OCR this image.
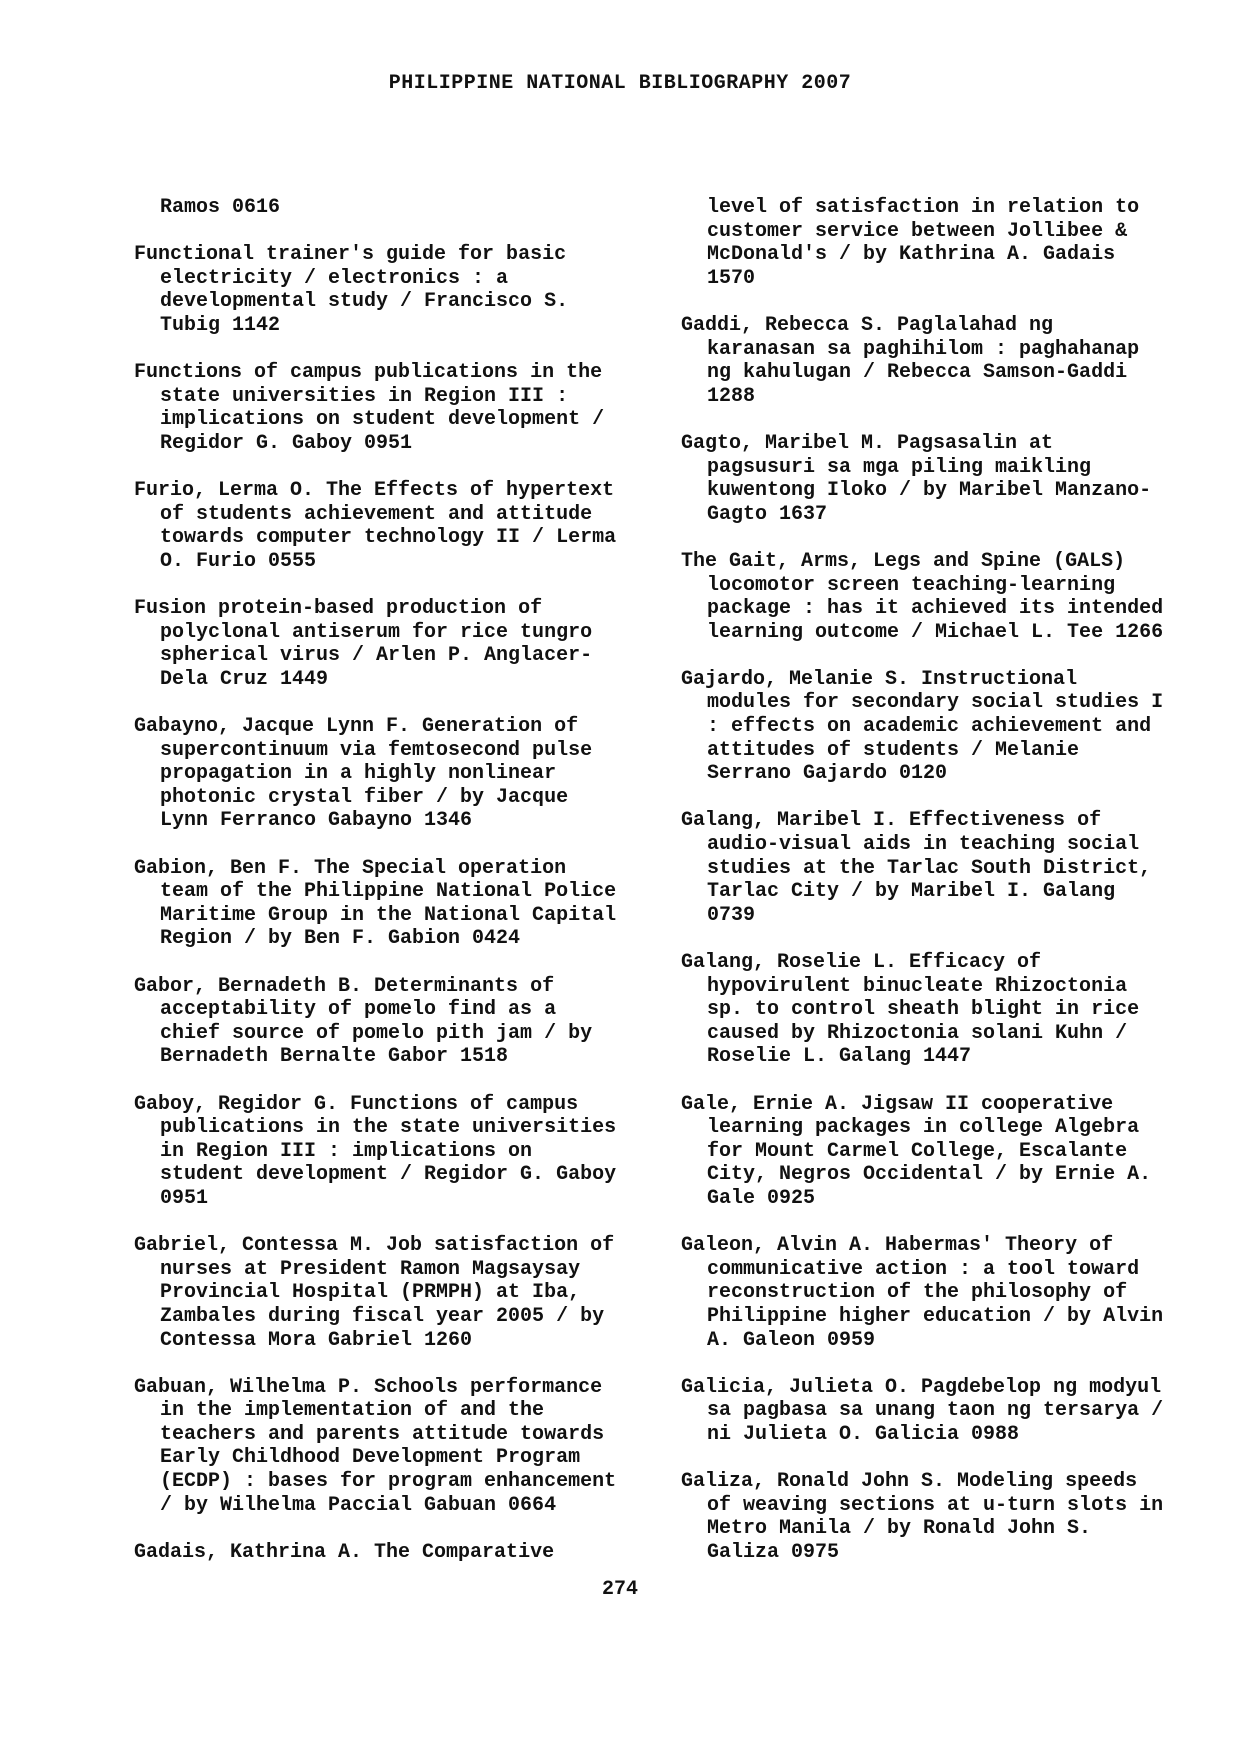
PHILIPPINE NATIONAL BIBLIOGRAPHY 2007

Ramos 0616

Functional trainer's guide for basic
electricity / electronics : a
developmental study / Francisco S.
Tubig 1142

Functions of campus publications in the
state universities in Region III :
implications on student development /
Regidor G. Gaboy 0951

Furio, Lerma O. The Effects of hypertext
of students achievement and attitude
towards computer technology II / Lerma
O. Furio 0555

Fusion protein-based production of
polyclonal antiserum for rice tungro
spherical virus / Arlen P. Anglacer-
Dela Cruz 1449

Gabayno, Jacque Lynn F. Generation of
supercontinuum via femtosecond pulse
propagation in a highly nonlinear
photonic crystal fiber / by Jacque
Lynn Ferranco Gabayno 1346

Gabion, Ben F. The Special operation
team of the Philippine National Police
Maritime Group in the National Capital
Region / by Ben F. Gabion 0424

Gabor, Bernadeth B. Determinants of
acceptability of pomelo find as a
chief source of pomelo pith jam / by
Bernadeth Bernalte Gabor 1518

Gaboy, Regidor G. Functions of campus
publications in the state universities
in Region III : implications on
student development / Regidor G. Gaboy
0951

Gabriel, Contessa M. Job satisfaction of
nurses at President Ramon Magsaysay
Provincial Hospital (PRMPH) at Iba,
Zambales during fiscal year 2005 / by
Contessa Mora Gabriel 1260

Gabuan, Wilhelma P. Schools performance
in the implementation of and the
teachers and parents attitude towards
Early Childhood Development Program
(ECDP) : bases for program enhancement
/ by Wilhelma Paccial Gabuan 0664

Gadais, Kathrina A. The Comparative

level of satisfaction in relation to
customer service between Jollibee &
McDonald's / by Kathrina A. Gadais
1570

Gaddi, Rebecca S. Paglalahad ng
karanasan sa paghihilom : paghahanap
ng kahulugan / Rebecca Samson-Gaddi
1288

Gagto, Maribel M. Pagsasalin at
pagsusuri sa mga piling maikling
kuwentong Iloko / by Maribel Manzano-
Gagto 1637

The Gait, Arms, Legs and Spine (GALS)
locomotor screen teaching-learning
package : has it achieved its intended
learning outcome / Michael L. Tee 1266

Gajardo, Melanie S. Instructional
modules for secondary social studies I
: effects on academic achievement and
attitudes of students / Melanie
Serrano Gajardo 0120

Galang, Maribel I. Effectiveness of
audio-visual aids in teaching social
studies at the Tarlac South District,
Tarlac City / by Maribel I. Galang
0739

Galang, Roselie L. Efficacy of
hypovirulent binucleate Rhizoctonia
sp. to control sheath blight in rice
caused by Rhizoctonia solani Kuhn /
Roselie L. Galang 1447

Gale, Ernie A. Jigsaw II cooperative
learning packages in college Algebra
for Mount Carmel College, Escalante
City, Negros Occidental / by Ernie A.
Gale 0925

Galeon, Alvin A. Habermas' Theory of
communicative action : a tool toward
reconstruction of the philosophy of
Philippine higher education / by Alvin
A. Galeon 0959

Galicia, Julieta O. Pagdebelop ng modyul
sa pagbasa sa unang taon ng tersarya /
ni Julieta O. Galicia 0988

Galiza, Ronald John S. Modeling speeds
of weaving sections at u-turn slots in
Metro Manila / by Ronald John S.
Galiza 0975

274
